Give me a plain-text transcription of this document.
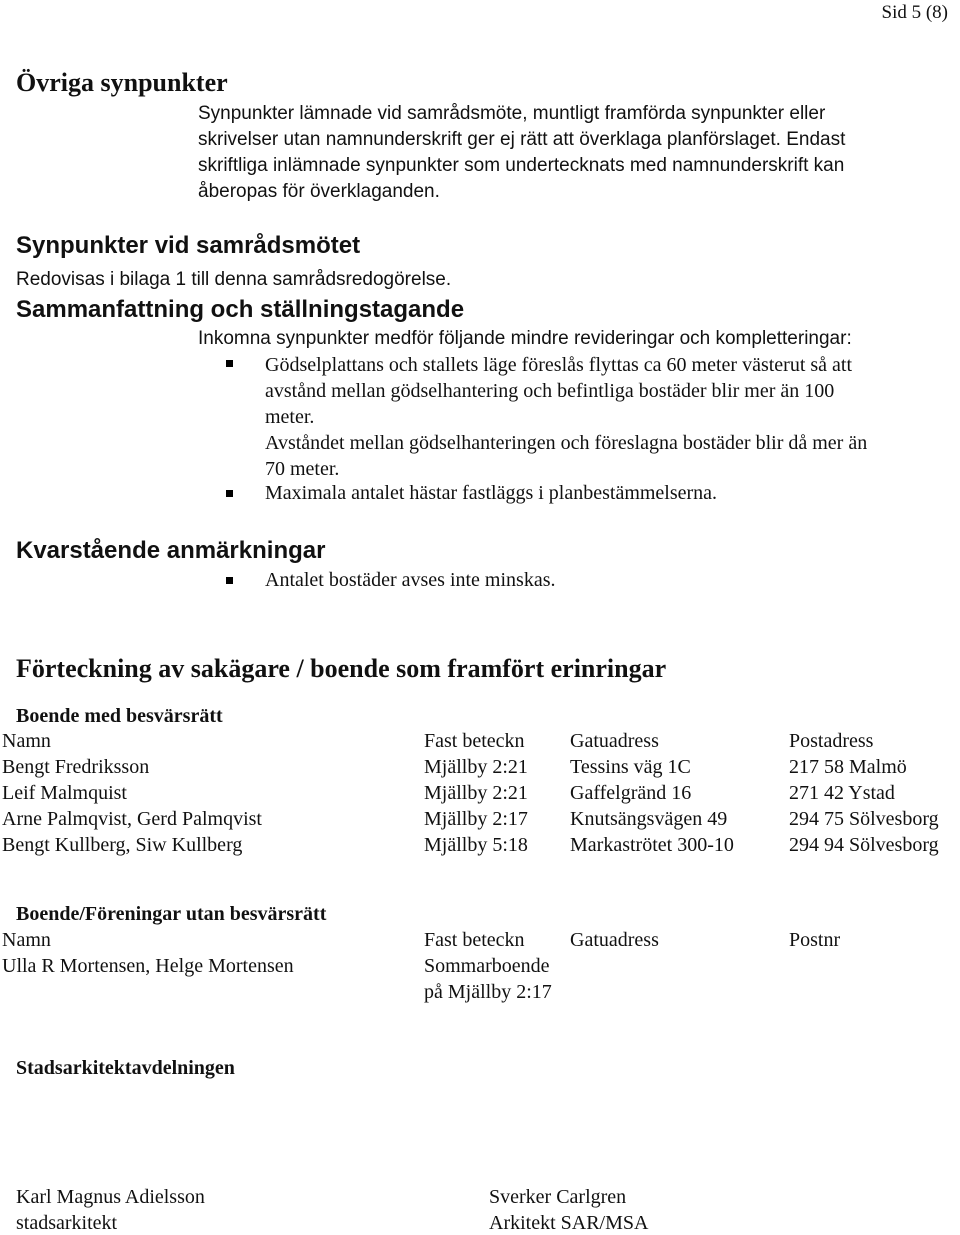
Sid 5 (8)
Övriga synpunkter
Synpunkter lämnade vid samrådsmöte, muntligt framförda synpunkter eller
skrivelser utan namnunderskrift ger ej rätt att överklaga planförslaget. Endast
skriftliga inlämnade synpunkter som undertecknats med namnunderskrift kan
åberopas för överklaganden.
Synpunkter vid samrådsmötet
Redovisas i bilaga 1 till denna samrådsredogörelse.
Sammanfattning och ställningstagande
Inkomna synpunkter medför följande mindre revideringar och kompletteringar:
Gödselplattans och stallets läge föreslås flyttas ca 60 meter västerut så att
avstånd mellan gödselhantering och befintliga bostäder blir mer än 100
meter.
Avståndet mellan gödselhanteringen och föreslagna bostäder blir då mer än
70 meter.
Maximala antalet hästar fastläggs i planbestämmelserna.
Kvarstående anmärkningar
Antalet bostäder avses inte minskas.
Förteckning av sakägare / boende som framfört erinringar
Boende med besvärsrätt
Namn	Fast beteckn Gatuadress	Postadress
Bengt Fredriksson	Mjällby 2:21 Tessins väg 1C	217 58 Malmö
Leif Malmquist	Mjällby 2:21 Gaffelgränd 16	271 42 Ystad
Arne Palmqvist, Gerd Palmqvist	Mjällby 2:17 Knutsängsvägen 49	294 75 Sölvesborg
Bengt Kullberg, Siw Kullberg	Mjällby 5:18 Markaströtet 300-10	294 94 Sölvesborg
Boende/Föreningar utan besvärsrätt
Namn	Fast beteckn Gatuadress	Postnr
Ulla R Mortensen, Helge Mortensen	Sommarboende
på Mjällby 2:17
Stadsarkitektavdelningen
Karl Magnus Adielsson
stadsarkitekt
Sverker Carlgren
Arkitekt SAR/MSA
